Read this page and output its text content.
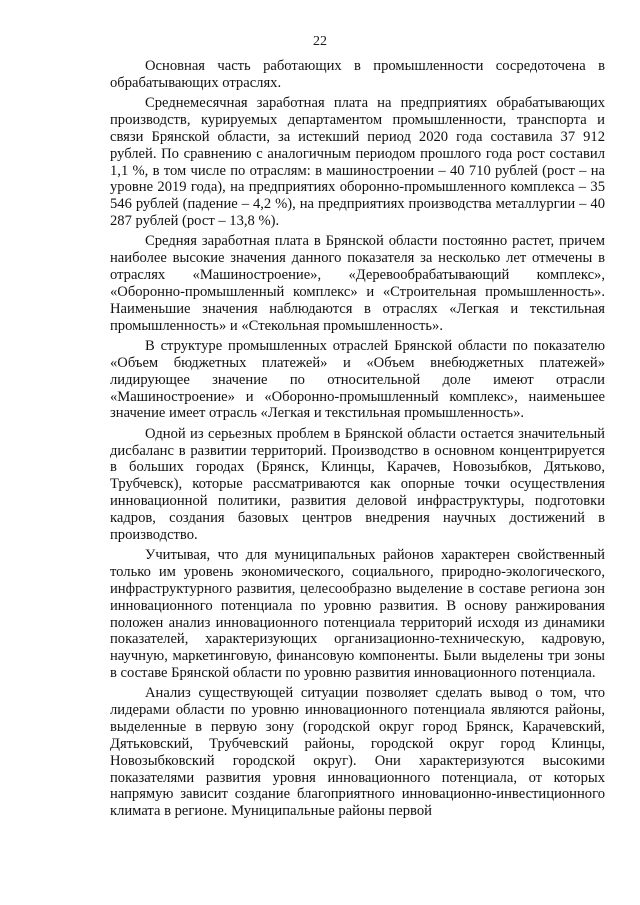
22

Основная часть работающих в промышленности сосредоточена в обрабатывающих отраслях.

Среднемесячная заработная плата на предприятиях обрабатывающих производств, курируемых департаментом промышленности, транспорта и связи Брянской области, за истекший период 2020 года составила 37 912 рублей. По сравнению с аналогичным периодом прошлого года рост составил 1,1 %, в том числе по отраслям: в машиностроении – 40 710 рублей (рост – на уровне 2019 года), на предприятиях оборонно-промышленного комплекса – 35 546 рублей (падение – 4,2 %), на предприятиях производства металлургии – 40 287 рублей (рост – 13,8 %).

Средняя заработная плата в Брянской области постоянно растет, причем наиболее высокие значения данного показателя за несколько лет отмечены в отраслях «Машиностроение», «Деревообрабатывающий комплекс», «Оборонно-промышленный комплекс» и «Строительная промышленность». Наименьшие значения наблюдаются в отраслях «Легкая и текстильная промышленность» и «Стекольная промышленность».

В структуре промышленных отраслей Брянской области по показателю «Объем бюджетных платежей» и «Объем внебюджетных платежей» лидирующее значение по относительной доле имеют отрасли «Машиностроение» и «Оборонно-промышленный комплекс», наименьшее значение имеет отрасль «Легкая и текстильная промышленность».

Одной из серьезных проблем в Брянской области остается значительный дисбаланс в развитии территорий. Производство в основном концентрируется в больших городах (Брянск, Клинцы, Карачев, Новозыбков, Дятьково, Трубчевск), которые рассматриваются как опорные точки осуществления инновационной политики, развития деловой инфраструктуры, подготовки кадров, создания базовых центров внедрения научных достижений в производство.

Учитывая, что для муниципальных районов характерен свойственный только им уровень экономического, социального, природно-экологического, инфраструктурного развития, целесообразно выделение в составе региона зон инновационного потенциала по уровню развития. В основу ранжирования положен анализ инновационного потенциала территорий исходя из динамики показателей, характеризующих организационно-техническую, кадровую, научную, маркетинговую, финансовую компоненты. Были выделены три зоны в составе Брянской области по уровню развития инновационного потенциала.

Анализ существующей ситуации позволяет сделать вывод о том, что лидерами области по уровню инновационного потенциала являются районы, выделенные в первую зону (городской округ город Брянск, Карачевский, Дятьковский, Трубчевский районы, городской округ город Клинцы, Новозыбковский городской округ). Они характеризуются высокими показателями развития уровня инновационного потенциала, от которых напрямую зависит создание благоприятного инновационно-инвестиционного климата в регионе. Муниципальные районы первой
